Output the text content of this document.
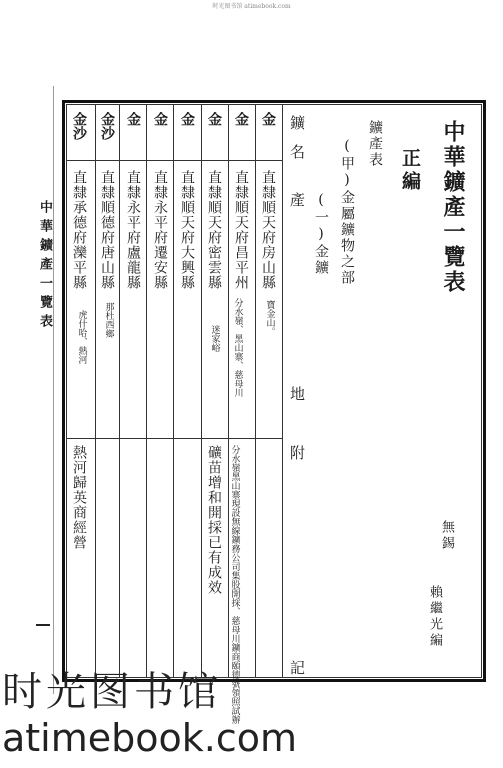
时光图书馆 atimebook.com
中華鑛產一覽表
金
直隸順天府房山縣
寶金山。
金
直隸順天府昌平州
分水嶺、黑山寨、慈母川
分水嶺黑山寨現設無線鑛務公司集股開採、慈母川鑛商頤德號領照試辦
金
直隸順天府密雲縣
迷家峪
礦苗增和開採已有成效
金
直隸順天府大興縣
金
直隸永平府遷安縣
金
直隸永平府盧龍縣
金沙
直隸順德府唐山縣
那杜西鄉
金沙
直隸承德府灤平縣
虎什哈、熱河
熱河歸英商經營
鑛名
產
地
附
記
(一)金鑛 (甲)金屬鑛物之部 鑛產表
正編 中華鑛產一覽表
無錫
賴繼光編
时光图书馆
atimebook.com
